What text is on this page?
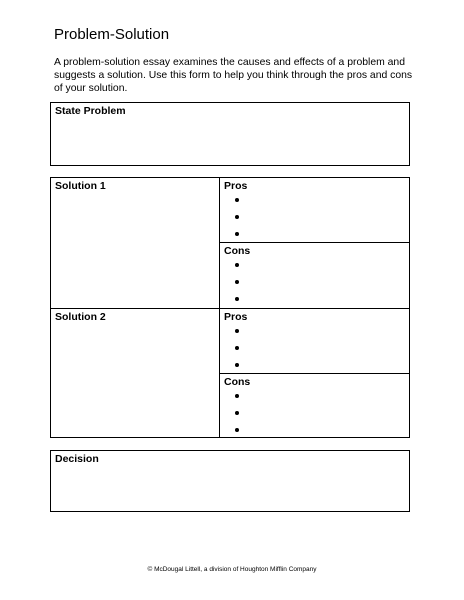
Problem-Solution

A problem-solution essay examines the causes and effects of a problem and suggests a solution. Use this form to help you think through the pros and cons of your solution.

State Problem
Solution 1	Pros
Cons
Solution 2	Pros
Cons
Decision
© McDougal Littell, a division of Houghton Mifflin Company
